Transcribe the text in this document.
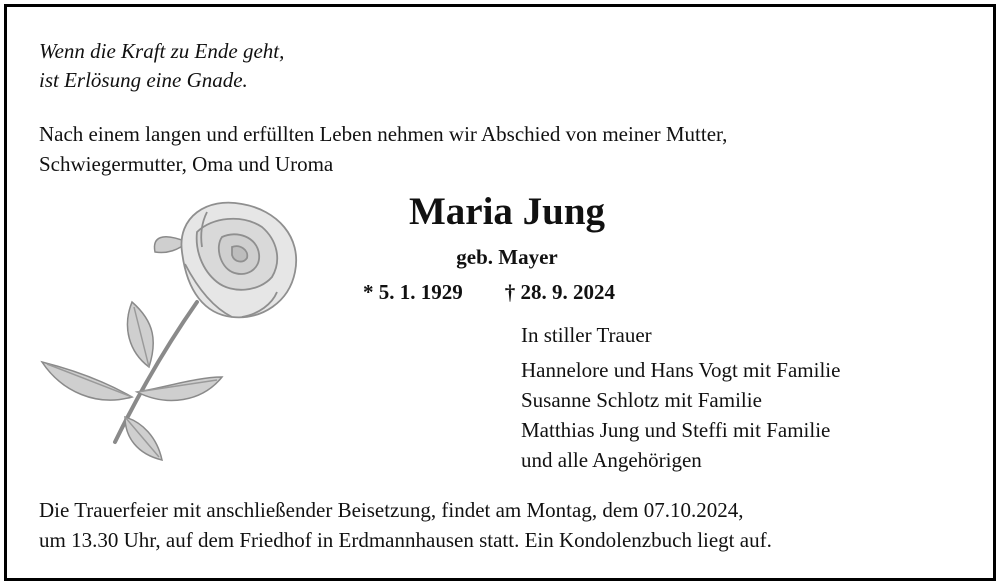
Wenn die Kraft zu Ende geht,
ist Erlösung eine Gnade.
Nach einem langen und erfüllten Leben nehmen wir Abschied von meiner Mutter,
Schwiegermutter, Oma und Uroma
Maria Jung
geb. Mayer
* 5. 1. 1929 † 28. 9. 2024
In stiller Trauer
Hannelore und Hans Vogt mit Familie
Susanne Schlotz mit Familie
Matthias Jung und Steffi mit Familie
und alle Angehörigen
Die Trauerfeier mit anschließender Beisetzung, findet am Montag, dem 07.10.2024,
um 13.30 Uhr, auf dem Friedhof in Erdmannhausen statt. Ein Kondolenzbuch liegt auf.
